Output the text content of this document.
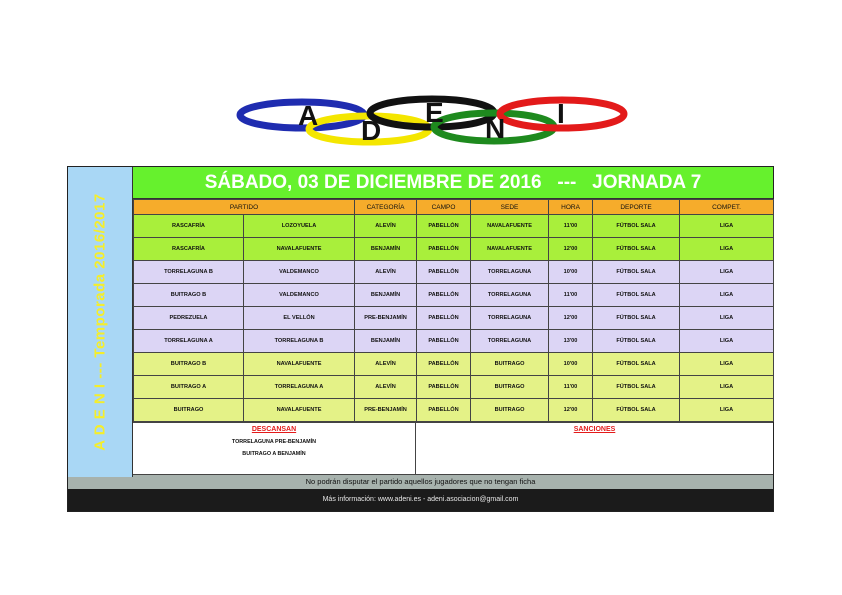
A D
E
N I
A D E N I --- Temporada 2016/2017
SÁBADO, 03 DE DICIEMBRE DE 2016   ---   JORNADA 7
PARTIDO		CATEGORÍA	CAMPO	SEDE	HORA	DEPORTE	COMPET.
RASCAFRÍA	LOZOYUELA	ALEVÍN	PABELLÓN	NAVALAFUENTE	11'00	FÚTBOL SALA	LIGA
RASCAFRÍA	NAVALAFUENTE	BENJAMÍN	PABELLÓN	NAVALAFUENTE	12'00	FÚTBOL SALA	LIGA
TORRELAGUNA B	VALDEMANCO	ALEVÍN	PABELLÓN	TORRELAGUNA	10'00	FÚTBOL SALA	LIGA
BUITRAGO B	VALDEMANCO	BENJAMÍN	PABELLÓN	TORRELAGUNA	11'00	FÚTBOL SALA	LIGA
PEDREZUELA	EL VELLÓN	PRE-BENJAMÍN	PABELLÓN	TORRELAGUNA	12'00	FÚTBOL SALA	LIGA
TORRELAGUNA A	TORRELAGUNA B	BENJAMÍN	PABELLÓN	TORRELAGUNA	13'00	FÚTBOL SALA	LIGA
BUITRAGO B	NAVALAFUENTE	ALEVÍN	PABELLÓN	BUITRAGO	10'00	FÚTBOL SALA	LIGA
BUITRAGO A	TORRELAGUNA A	ALEVÍN	PABELLÓN	BUITRAGO	11'00	FÚTBOL SALA	LIGA
BUITRAGO	NAVALAFUENTE	PRE-BENJAMÍN	PABELLÓN	BUITRAGO	12'00	FÚTBOL SALA	LIGA
DESCANSAN
TORRELAGUNA PRE-BENJAMÍN
BUITRAGO A BENJAMÍN
SANCIONES
No podrán disputar el partido aquellos jugadores que no tengan ficha
Más información: www.adeni.es - adeni.asociacion@gmail.com
